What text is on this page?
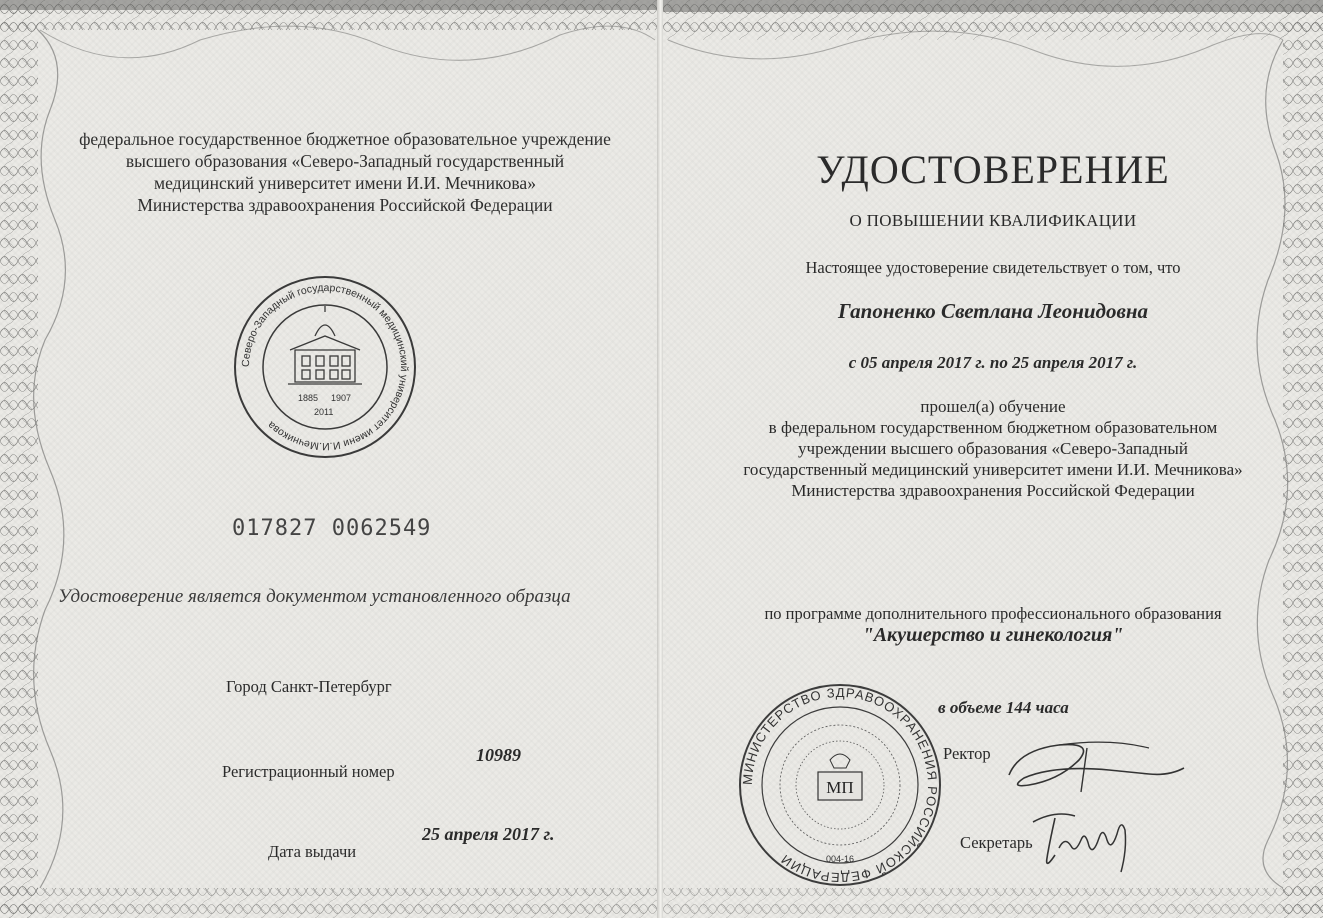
федеральное государственное бюджетное образовательное учреждение
высшего образования «Северо-Западный государственный
медицинский университет имени И.И. Мечникова»
Министерства здравоохранения Российской Федерации
Северо-Западный государственный медицинский университет имени И.И.Мечникова
1885 1907
2011
017827 0062549
Удостоверение является документом установленного образца
Город Санкт-Петербург
Регистрационный номер
10989
Дата выдачи
25 апреля 2017 г.
УДОСТОВЕРЕНИЕ
О ПОВЫШЕНИИ КВАЛИФИКАЦИИ
Настоящее удостоверение свидетельствует о том, что
Гапоненко Светлана Леонидовна
с 05 апреля 2017 г. по 25 апреля 2017 г.
прошел(а) обучение
в федеральном государственном бюджетном образовательном
учреждении высшего образования «Северо-Западный
государственный медицинский университет имени И.И. Мечникова»
Министерства здравоохранения Российской Федерации
по программе дополнительного профессионального образования
"Акушерство и гинекология"
в объеме 144 часа
Ректор
Секретарь
МИНИСТЕРСТВО ЗДРАВООХРАНЕНИЯ РОССИЙСКОЙ ФЕДЕРАЦИИ
МП
004-16
